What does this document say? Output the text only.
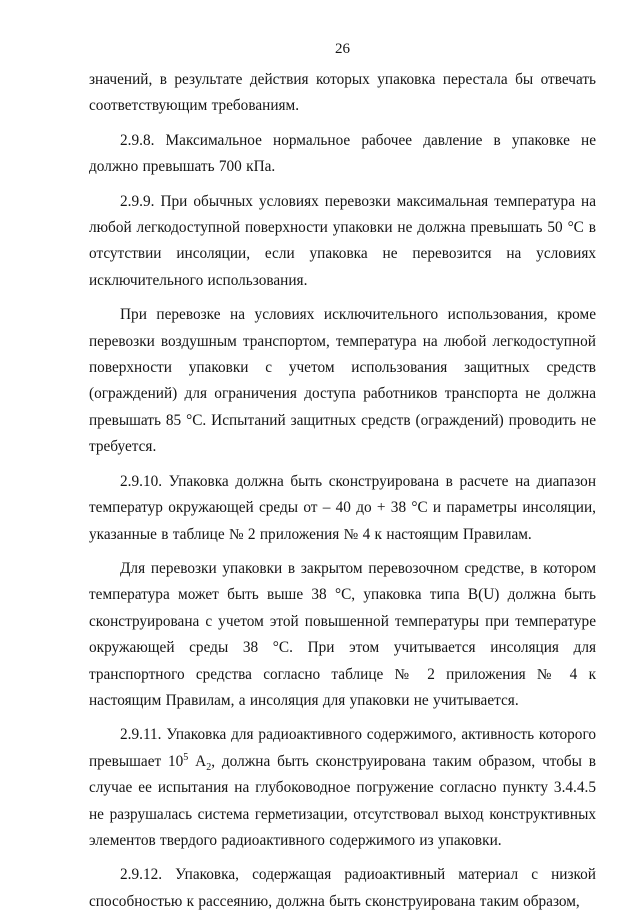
26

значений, в результате действия которых упаковка перестала бы отвечать соответствующим требованиям.

2.9.8. Максимальное нормальное рабочее давление в упаковке не должно превышать 700 кПа.

2.9.9. При обычных условиях перевозки максимальная температура на любой легкодоступной поверхности упаковки не должна превышать 50 °С в отсутствии инсоляции, если упаковка не перевозится на условиях исключительного использования.

При перевозке на условиях исключительного использования, кроме перевозки воздушным транспортом, температура на любой легкодоступной поверхности упаковки с учетом использования защитных средств (ограждений) для ограничения доступа работников транспорта не должна превышать 85 °С. Испытаний защитных средств (ограждений) проводить не требуется.

2.9.10. Упаковка должна быть сконструирована в расчете на диапазон температур окружающей среды от – 40 до + 38 °С и параметры инсоляции, указанные в таблице № 2 приложения № 4 к настоящим Правилам.

Для перевозки упаковки в закрытом перевозочном средстве, в котором температура может быть выше 38 °С, упаковка типа B(U) должна быть сконструирована с учетом этой повышенной температуры при температуре окружающей среды 38 °С. При этом учитывается инсоляция для транспортного средства согласно таблице № 2 приложения № 4 к настоящим Правилам, а инсоляция для упаковки не учитывается.

2.9.11. Упаковка для радиоактивного содержимого, активность которого превышает $10^5$ $А_2$, должна быть сконструирована таким образом, чтобы в случае ее испытания на глубоководное погружение согласно пункту 3.4.4.5 не разрушалась система герметизации, отсутствовал выход конструктивных элементов твердого радиоактивного содержимого из упаковки.

2.9.12. Упаковка, содержащая радиоактивный материал с низкой способностью к рассеянию, должна быть сконструирована таким образом,
